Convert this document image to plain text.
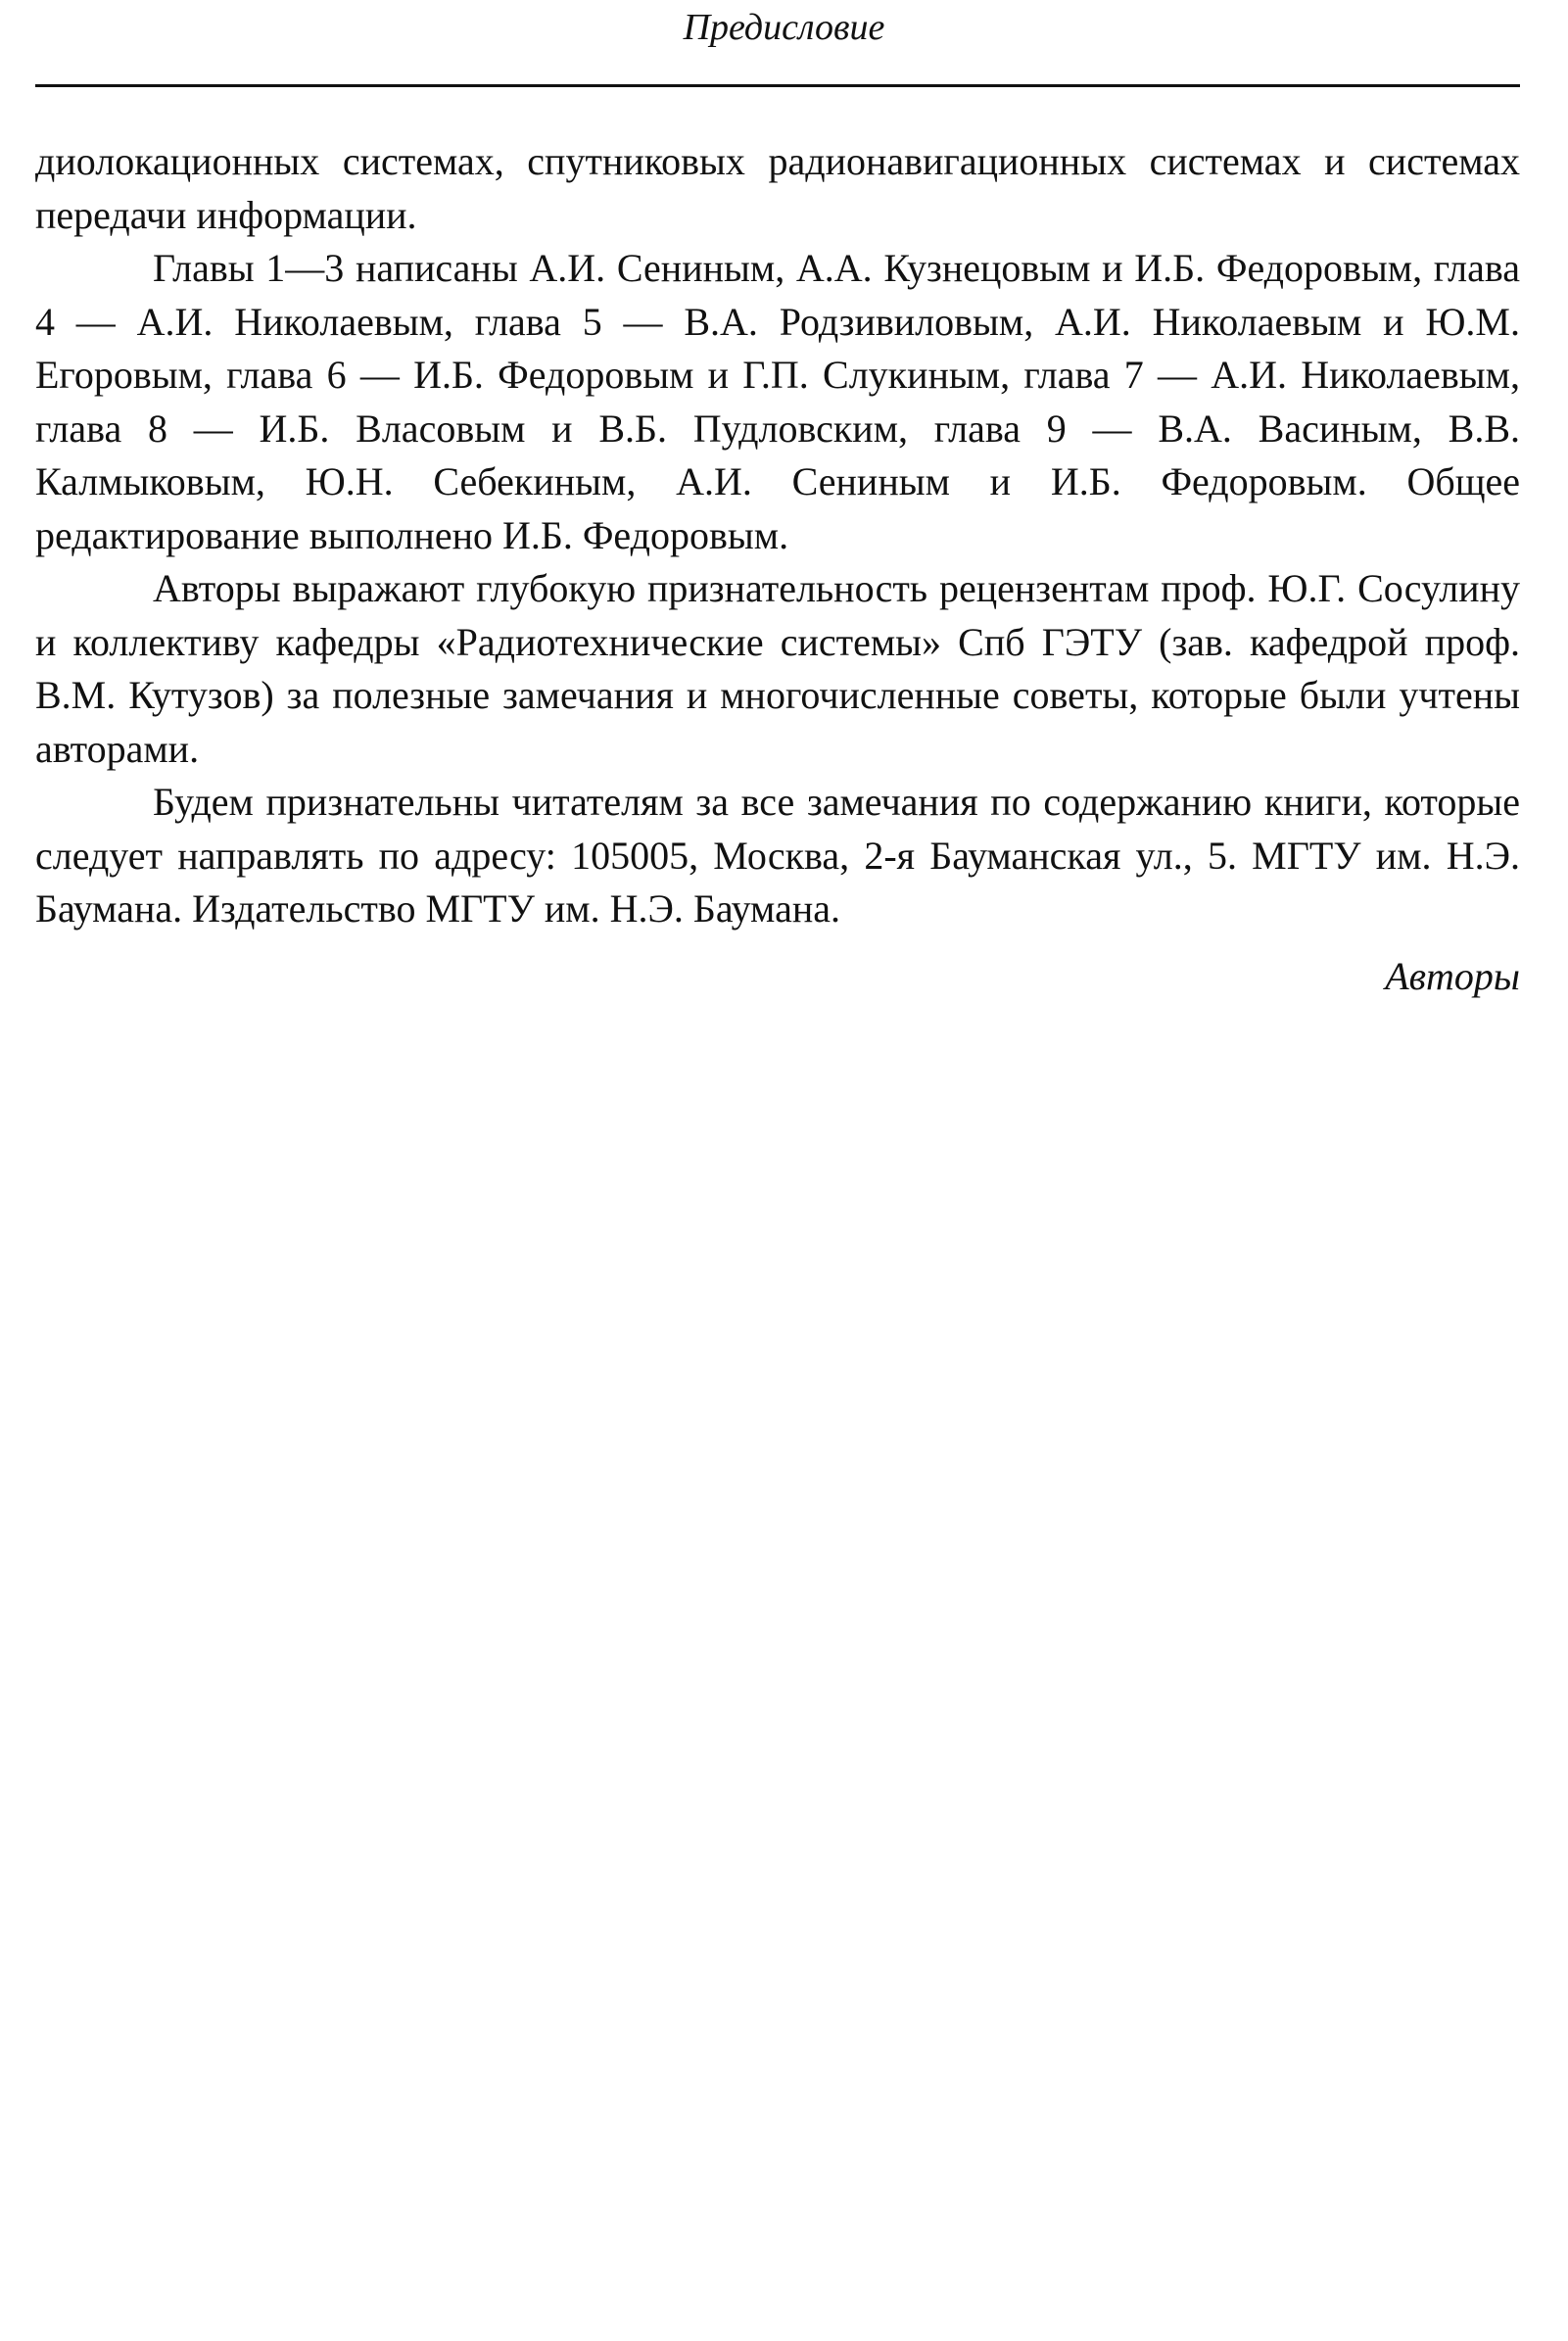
Предисловие

диолокационных системах, спутниковых радионавигационных системах и системах передачи информации.

Главы 1—3 написаны А.И. Сениным, А.А. Кузнецовым и И.Б. Федоровым, глава 4 — А.И. Николаевым, глава 5 — В.А. Родзивиловым, А.И. Николаевым и Ю.М. Егоровым, глава 6 — И.Б. Федоровым и Г.П. Слукиным, глава 7 — А.И. Николаевым, глава 8 — И.Б. Власовым и В.Б. Пудловским, глава 9 — В.А. Васиным, В.В. Калмыковым, Ю.Н. Себекиным, А.И. Сениным и И.Б. Федоровым. Общее редактирование выполнено И.Б. Федоровым.

Авторы выражают глубокую признательность рецензентам проф. Ю.Г. Сосулину и коллективу кафедры «Радиотехнические системы» Спб ГЭТУ (зав. кафедрой проф. В.М. Кутузов) за полезные замечания и многочисленные советы, которые были учтены авторами.

Будем признательны читателям за все замечания по содержанию книги, которые следует направлять по адресу: 105005, Москва, 2-я Бауманская ул., 5. МГТУ им. Н.Э. Баумана. Издательство МГТУ им. Н.Э. Баумана.

Авторы
